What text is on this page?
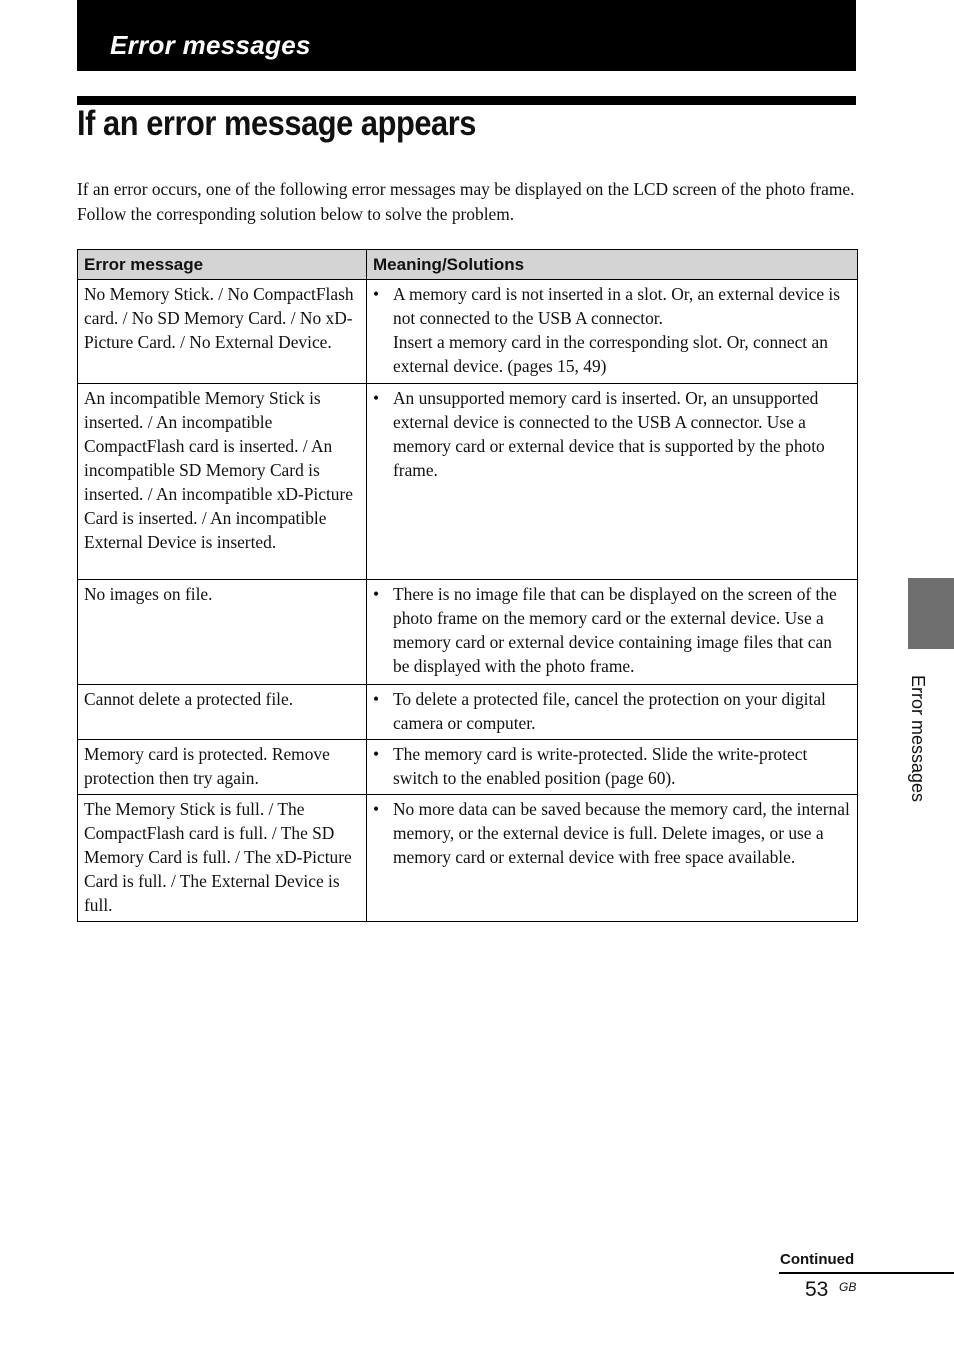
Error messages
If an error message appears

If an error occurs, one of the following error messages may be displayed on the LCD screen of the photo frame. Follow the corresponding solution below to solve the problem.

Error message	Meaning/Solutions
No Memory Stick. / No CompactFlash card. / No SD Memory Card. / No xD-Picture Card. / No External Device.	• A memory card is not inserted in a slot. Or, an external device is not connected to the USB A connector.
Insert a memory card in the corresponding slot. Or, connect an external device. (pages 15, 49)

An incompatible Memory Stick is inserted. / An incompatible CompactFlash card is inserted. / An incompatible SD Memory Card is inserted. / An incompatible xD-Picture Card is inserted. / An incompatible External Device is inserted.	• An unsupported memory card is inserted. Or, an unsupported external device is connected to the USB A connector. Use a memory card or external device that is supported by the photo frame.

No images on file.	• There is no image file that can be displayed on the screen of the photo frame on the memory card or the external device. Use a memory card or external device containing image files that can be displayed with the photo frame.

Cannot delete a protected file.	• To delete a protected file, cancel the protection on your digital camera or computer.

Memory card is protected. Remove protection then try again.	• The memory card is write-protected. Slide the write-protect switch to the enabled position (page 60).

The Memory Stick is full. / The CompactFlash card is full. / The SD Memory Card is full. / The xD-Picture Card is full. / The External Device is full.	• No more data can be saved because the memory card, the internal memory, or the external device is full. Delete images, or use a memory card or external device with free space available.
Error messages
Continued
53 GB
